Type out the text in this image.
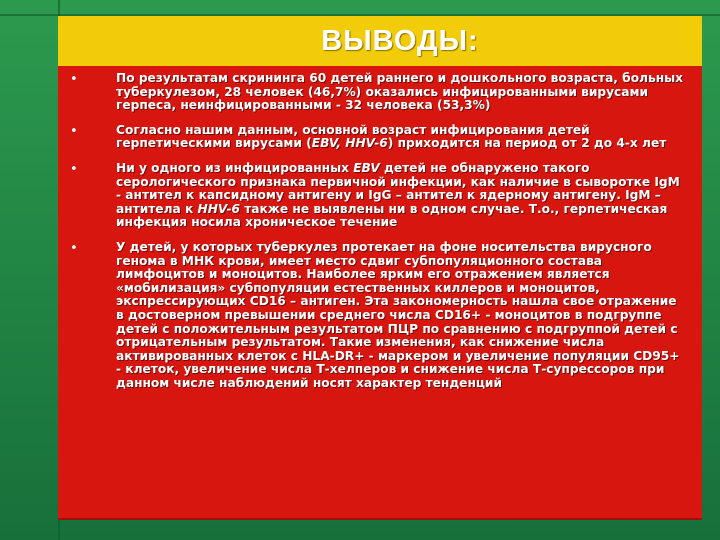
ВЫВОДЫ:
•	По результатам скрининга 60 детей раннего и дошкольного возраста, больных туберкулезом, 28 человек (46,7%) оказались инфицированными вирусами герпеса, неинфицированными - 32 человека (53,3%)
•	Согласно нашим данным, основной возраст инфицирования детей герпетическими вирусами (EBV, HHV-6) приходится на период от 2 до 4-х лет
•	Ни у одного из инфицированных EBV детей не обнаружено такого серологического признака первичной инфекции, как наличие в сыворотке IgM - антител к капсидному антигену и IgG – антител к ядерному антигену. IgM – антитела к HHV-6 также не выявлены ни в одном случае. Т.о., герпетическая инфекция носила хроническое течение
•	У детей, у которых туберкулез протекает на фоне носительства вирусного генома в МНК крови, имеет место сдвиг субпопуляционного состава лимфоцитов и моноцитов. Наиболее ярким его отражением является «мобилизация» субпопуляции естественных киллеров и моноцитов, экспрессирующих CD16 – антиген. Эта закономерность нашла свое отражение в достоверном превышении среднего числа CD16+ - моноцитов в подгруппе детей с положительным результатом ПЦР по сравнению с подгруппой детей с отрицательным результатом. Такие изменения, как снижение числа активированных клеток с HLA-DR+ - маркером и увеличение популяции CD95+ - клеток, увеличение числа Т-хелперов и снижение числа Т-супрессоров при данном числе наблюдений носят характер тенденций
